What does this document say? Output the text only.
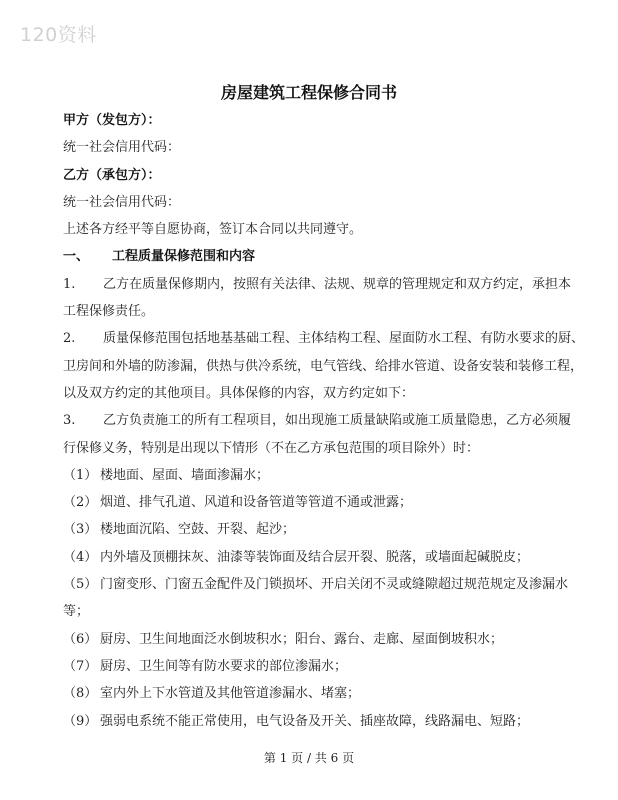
120资料
房屋建筑工程保修合同书
甲方（发包方）：
统一社会信用代码：
乙方（承包方）：
统一社会信用代码：
上述各方经平等自愿协商，签订本合同以共同遵守。
一、	工程质量保修范围和内容
1.	乙方在质量保修期内，按照有关法律、法规、规章的管理规定和双方约定，承担本
工程保修责任。
2.	质量保修范围包括地基基础工程、主体结构工程、屋面防水工程、有防水要求的厨、
卫房间和外墙的防渗漏，供热与供冷系统，电气管线、给排水管道、设备安装和装修工程，
以及双方约定的其他项目。具体保修的内容，双方约定如下：
3.	乙方负责施工的所有工程项目，如出现施工质量缺陷或施工质量隐患，乙方必须履
行保修义务，特别是出现以下情形（不在乙方承包范围的项目除外）时：
（1） 楼地面、屋面、墙面渗漏水；
（2） 烟道、排气孔道、风道和设备管道等管道不通或泄露；
（3） 楼地面沉陷、空鼓、开裂、起沙；
（4） 内外墙及顶棚抹灰、油漆等装饰面及结合层开裂、脱落，或墙面起碱脱皮；
（5） 门窗变形、门窗五金配件及门锁损坏、开启关闭不灵或缝隙超过规范规定及渗漏水
等；
（6） 厨房、卫生间地面泛水倒坡积水；阳台、露台、走廊、屋面倒坡积水；
（7） 厨房、卫生间等有防水要求的部位渗漏水；
（8） 室内外上下水管道及其他管道渗漏水、堵塞；
（9） 强弱电系统不能正常使用，电气设备及开关、插座故障，线路漏电、短路；
第 1 页 / 共 6 页
